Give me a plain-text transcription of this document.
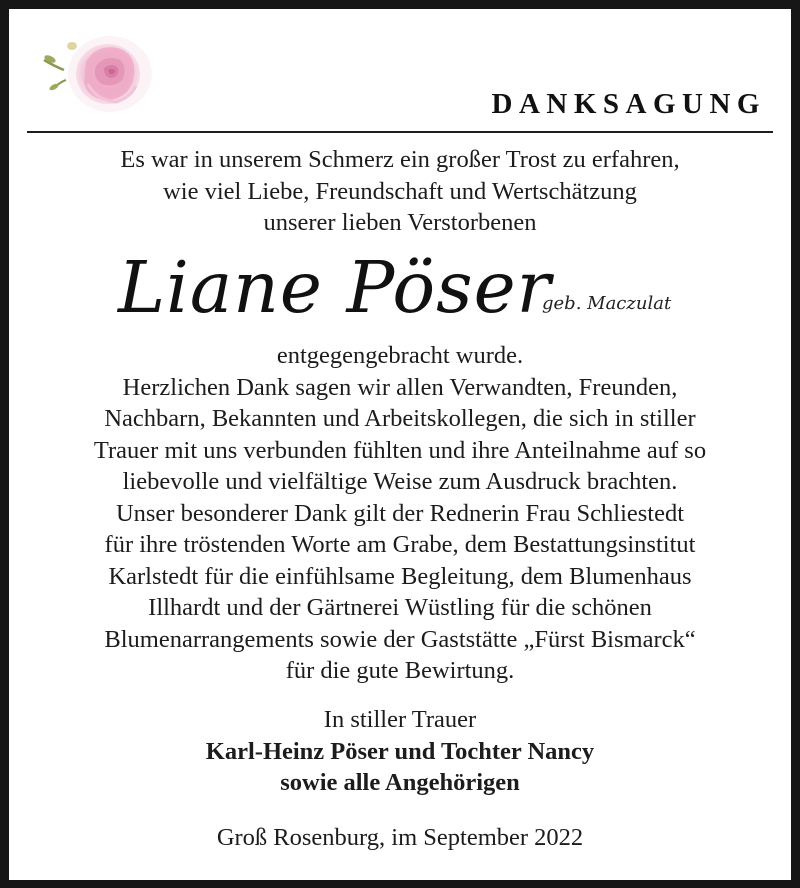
DANKSAGUNG
Es war in unserem Schmerz ein großer Trost zu erfahren,
wie viel Liebe, Freundschaft und Wertschätzung
unserer lieben Verstorbenen
Liane Pöser
geb. Maczulat
entgegengebracht wurde.
Herzlichen Dank sagen wir allen Verwandten, Freunden,
Nachbarn, Bekannten und Arbeitskollegen, die sich in stiller
Trauer mit uns verbunden fühlten und ihre Anteilnahme auf so
liebevolle und vielfältige Weise zum Ausdruck brachten.
Unser besonderer Dank gilt der Rednerin Frau Schliestedt
für ihre tröstenden Worte am Grabe, dem Bestattungsinstitut
Karlstedt für die einfühlsame Begleitung, dem Blumenhaus
Illhardt und der Gärtnerei Wüstling für die schönen
Blumenarrangements sowie der Gaststätte „Fürst Bismarck“
für die gute Bewirtung.
In stiller Trauer
Karl-Heinz Pöser und Tochter Nancy
sowie alle Angehörigen
Groß Rosenburg, im September 2022
